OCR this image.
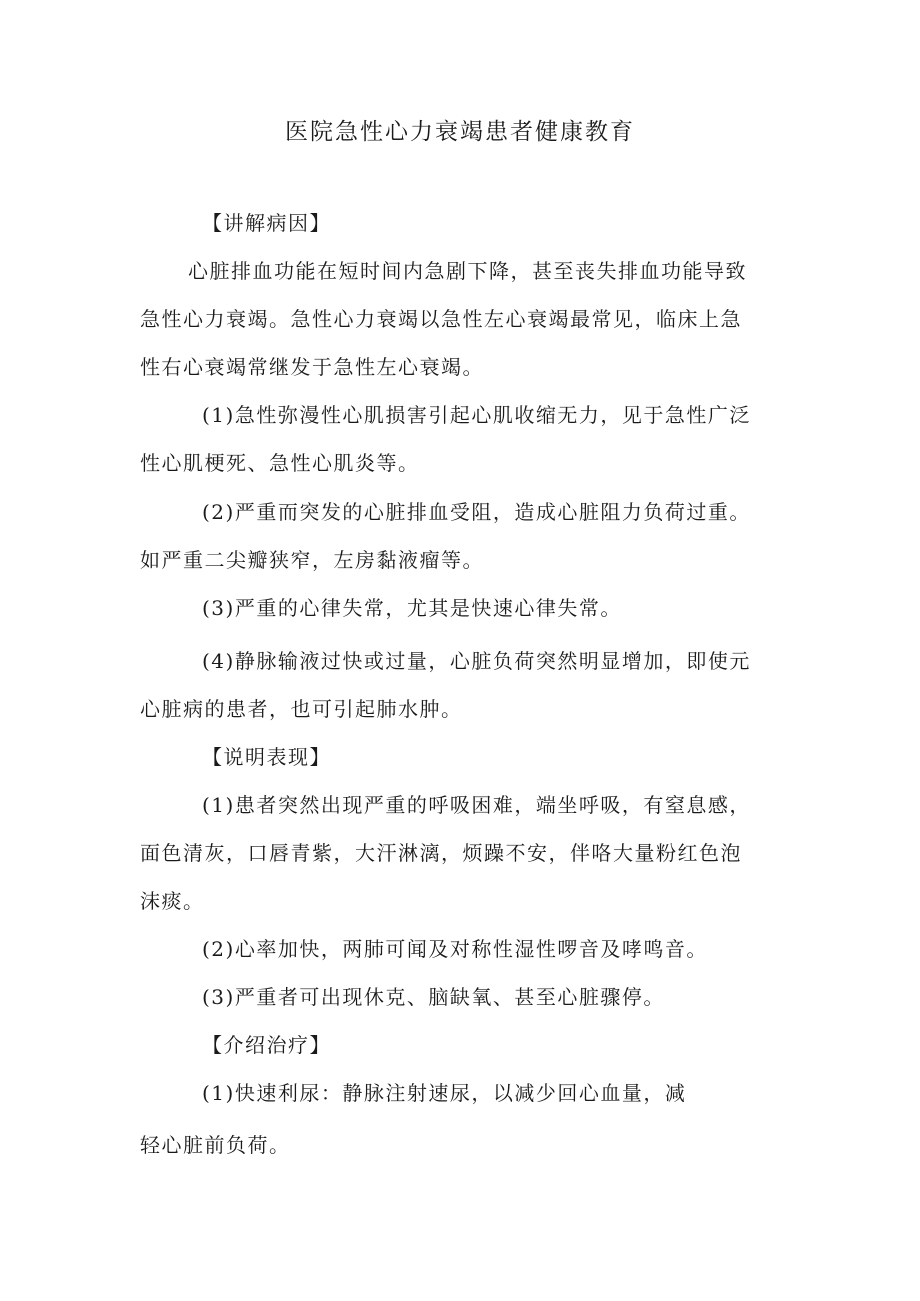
医院急性心力衰竭患者健康教育
【讲解病因】
心脏排血功能在短时间内急剧下降，甚至丧失排血功能导致
急性心力衰竭。急性心力衰竭以急性左心衰竭最常见，临床上急
性右心衰竭常继发于急性左心衰竭。
(1)急性弥漫性心肌损害引起心肌收缩无力，见于急性广泛
性心肌梗死、急性心肌炎等。
(2)严重而突发的心脏排血受阻，造成心脏阻力负荷过重。
如严重二尖瓣狭窄，左房黏液瘤等。
(3)严重的心律失常，尤其是快速心律失常。
(4)静脉输液过快或过量，心脏负荷突然明显增加，即使元
心脏病的患者，也可引起肺水肿。
【说明表现】
(1)患者突然出现严重的呼吸困难，端坐呼吸，有窒息感，
面色清灰，口唇青紫，大汗淋漓，烦躁不安，伴咯大量粉红色泡
沫痰。
(2)心率加快，两肺可闻及对称性湿性啰音及哮鸣音。
(3)严重者可出现休克、脑缺氧、甚至心脏骤停。
【介绍治疗】
(1)快速利尿：静脉注射速尿，以减少回心血量，减
轻心脏前负荷。
